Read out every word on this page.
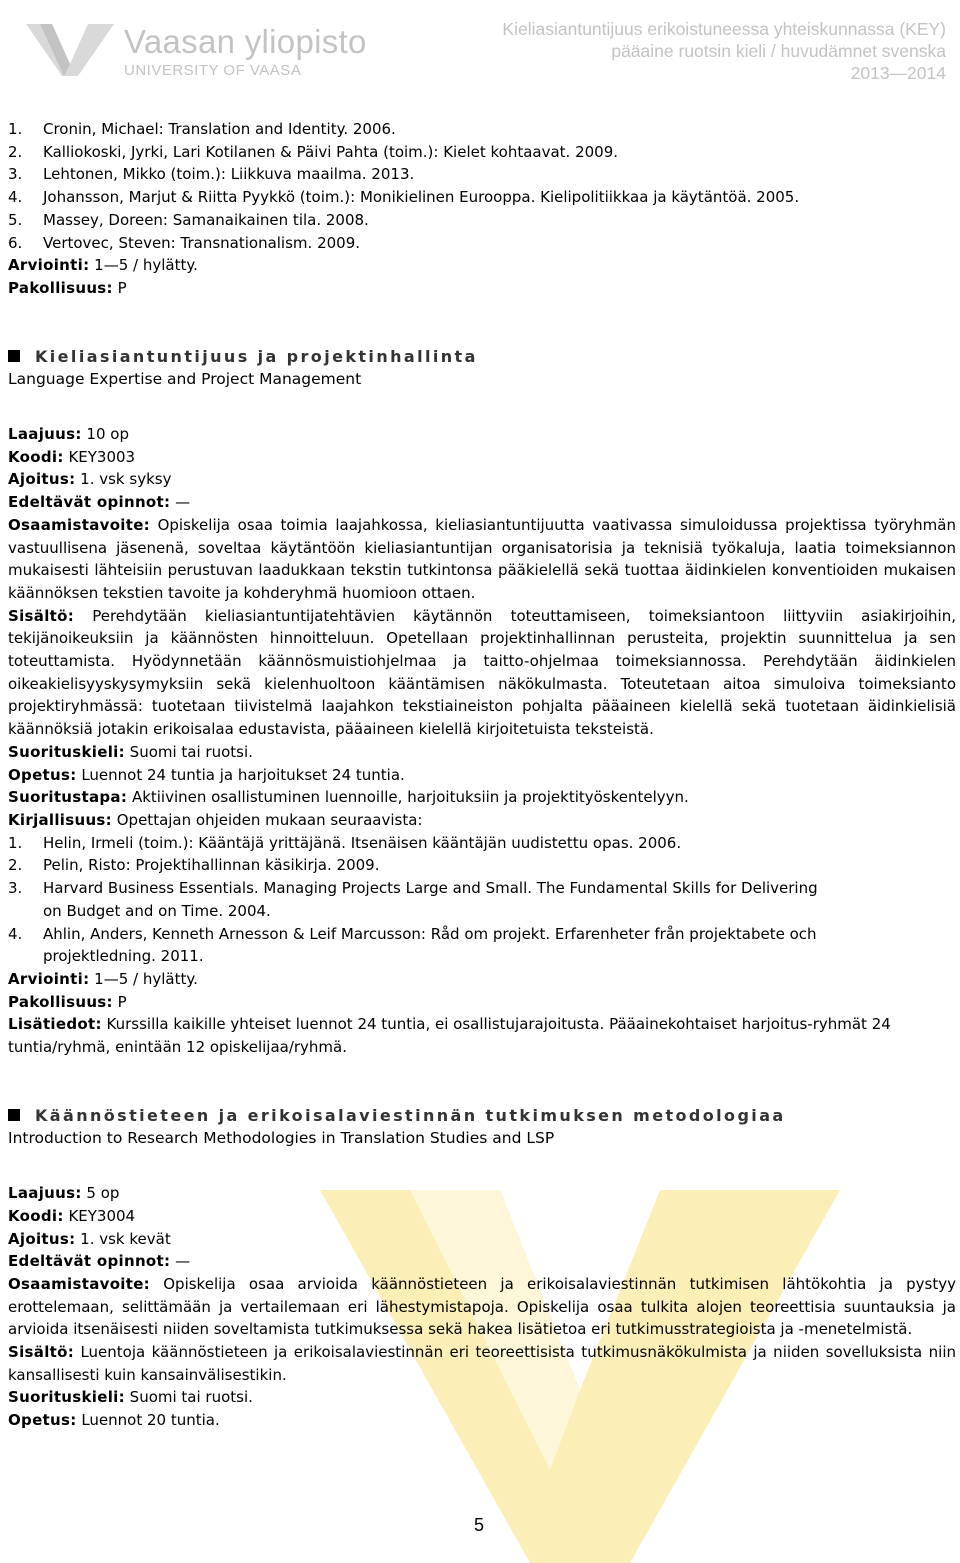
Vaasan yliopisto
UNIVERSITY OF VAASA
Kieliasiantuntijuus erikoistuneessa yhteiskunnassa (KEY)
pääaine ruotsin kieli / huvudämnet svenska
2013—2014
1. Cronin, Michael: Translation and Identity. 2006.
2. Kalliokoski, Jyrki, Lari Kotilanen & Päivi Pahta (toim.): Kielet kohtaavat. 2009.
3. Lehtonen, Mikko (toim.): Liikkuva maailma. 2013.
4. Johansson, Marjut & Riitta Pyykkö (toim.): Monikielinen Eurooppa. Kielipolitiikkaa ja käytäntöä. 2005.
5. Massey, Doreen: Samanaikainen tila. 2008.
6. Vertovec, Steven: Transnationalism. 2009.
Arviointi: 1—5 / hylätty.
Pakollisuus: P
Kieliasiantuntijuus ja projektinhallinta
Language Expertise and Project Management
Laajuus: 10 op
Koodi: KEY3003
Ajoitus: 1. vsk syksy
Edeltävät opinnot: —
Osaamistavoite: Opiskelija osaa toimia laajahkossa, kieliasiantuntijuutta vaativassa simuloidussa projektissa työryhmän vastuullisena jäsenenä, soveltaa käytäntöön kieliasiantuntijan organisatorisia ja teknisiä työkaluja, laatia toimeksiannon mukaisesti lähteisiin perustuvan laadukkaan tekstin tutkintonsa pääkielellä sekä tuottaa äidinkielen konventioiden mukaisen käännöksen tekstien tavoite ja kohderyhmä huomioon ottaen.
Sisältö: Perehdytään kieliasiantuntijatehtävien käytännön toteuttamiseen, toimeksiantoon liittyviin asiakirjoihin, tekijänoikeuksiin ja käännösten hinnoitteluun. Opetellaan projektinhallinnan perusteita, projektin suunnittelua ja sen toteuttamista. Hyödynnetään käännösmuistiohjelmaa ja taitto-ohjelmaa toimeksiannossa. Perehdytään äidinkielen oikeakielisyyskysymyksiin sekä kielenhuoltoon kääntämisen näkökulmasta. Toteutetaan aitoa simuloiva toimeksianto projektiryhmässä: tuotetaan tiivistelmä laajahkon tekstiaineiston pohjalta pääaineen kielellä sekä tuotetaan äidinkielisiä käännöksiä jotakin erikoisalaa edustavista, pääaineen kielellä kirjoitetuista teksteistä.
Suorituskieli: Suomi tai ruotsi.
Opetus: Luennot 24 tuntia ja harjoitukset 24 tuntia.
Suoritustapa: Aktiivinen osallistuminen luennoille, harjoituksiin ja projektityöskentelyyn.
Kirjallisuus: Opettajan ohjeiden mukaan seuraavista:
1. Helin, Irmeli (toim.): Kääntäjä yrittäjänä. Itsenäisen kääntäjän uudistettu opas. 2006.
2. Pelin, Risto: Projektihallinnan käsikirja. 2009.
3. Harvard Business Essentials. Managing Projects Large and Small. The Fundamental Skills for Delivering
on Budget and on Time. 2004.
4. Ahlin, Anders, Kenneth Arnesson & Leif Marcusson: Råd om projekt. Erfarenheter från projektabete och
projektledning. 2011.
Arviointi: 1—5 / hylätty.
Pakollisuus: P
Lisätiedot: Kurssilla kaikille yhteiset luennot 24 tuntia, ei osallistujarajoitusta. Pääainekohtaiset harjoitus-ryhmät 24 tuntia/ryhmä, enintään 12 opiskelijaa/ryhmä.
Käännöstieteen ja erikoisalaviestinnän tutkimuksen metodologiaa
Introduction to Research Methodologies in Translation Studies and LSP
Laajuus: 5 op
Koodi: KEY3004
Ajoitus: 1. vsk kevät
Edeltävät opinnot: —
Osaamistavoite: Opiskelija osaa arvioida käännöstieteen ja erikoisalaviestinnän tutkimisen lähtökohtia ja pystyy erottelemaan, selittämään ja vertailemaan eri lähestymistapoja. Opiskelija osaa tulkita alojen teoreettisia suuntauksia ja arvioida itsenäisesti niiden soveltamista tutkimuksessa sekä hakea lisätietoa eri tutkimusstrategioista ja -menetelmistä.
Sisältö: Luentoja käännöstieteen ja erikoisalaviestinnän eri teoreettisista tutkimusnäkökulmista ja niiden sovelluksista niin kansallisesti kuin kansainvälisestikin.
Suorituskieli: Suomi tai ruotsi.
Opetus: Luennot 20 tuntia.
5
